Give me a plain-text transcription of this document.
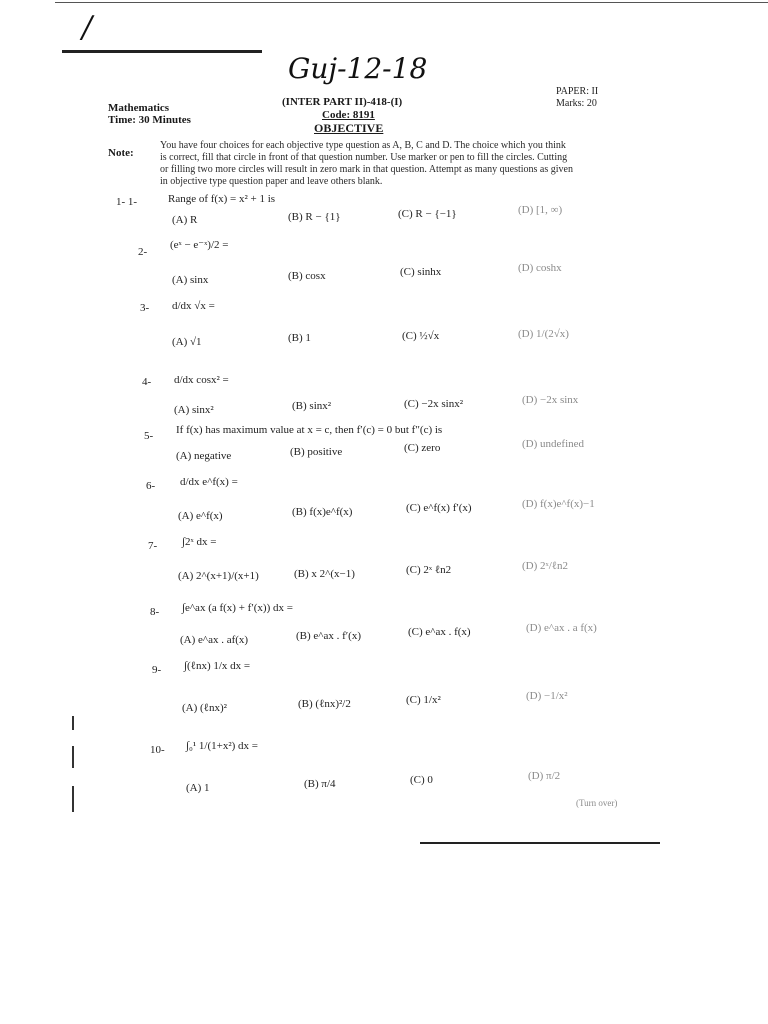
/
Guj-12-18
Mathematics
Time: 30 Minutes
(INTER PART II)-418-(I)
Code: 8191
OBJECTIVE
PAPER: II
Marks: 20
Note:
You have four choices for each objective type question as A, B, C and D. The choice which you think
is correct, fill that circle in front of that question number. Use marker or pen to fill the circles. Cutting
or filling two more circles will result in zero mark in that question. Attempt as many questions as given
in objective type question paper and leave others blank.
1- 1-	Range of f(x) = x² + 1 is
(A) R	(B) R − {1}	(C) R − {−1}	(D) [1, ∞)
2-
(eˣ − e⁻ˣ)/2 =
(A) sinx	(B) cosx	(C) sinhx	(D) coshx
3- d/dx √x =
(A) √1	(B) 1	(C) ½√x	(D) 1/(2√x)
4- d/dx cosx² =
(A) sinx²	(B) sinx²	(C) −2x sinx²	(D) −2x sinx
5- If f(x) has maximum value at x = c, then f′(c) = 0 but f″(c) is
(A) negative	(B) positive	(C) zero	(D) undefined
6- d/dx e^f(x) =
(A) e^f(x)	(B) f(x)e^f(x)	(C) e^f(x) f′(x)	(D) f(x)e^f(x)−1
7- ∫2ˣ dx =
(A) 2^(x+1)/(x+1)	(B) x 2^(x−1)	(C) 2ˣ ℓn2	(D) 2ˣ/ℓn2
8- ∫e^ax (a f(x) + f′(x)) dx =
(A) e^ax . af(x)	(B) e^ax . f′(x)	(C) e^ax . f(x)	(D) e^ax . a f(x)
9- ∫(ℓnx) 1/x dx =
(A) (ℓnx)²	(B) (ℓnx)²/2	(C) 1/x²	(D) −1/x²
10- ∫₀¹ 1/(1+x²) dx =
(A) 1	(B) π/4	(C) 0	(D) π/2
(Turn over)
